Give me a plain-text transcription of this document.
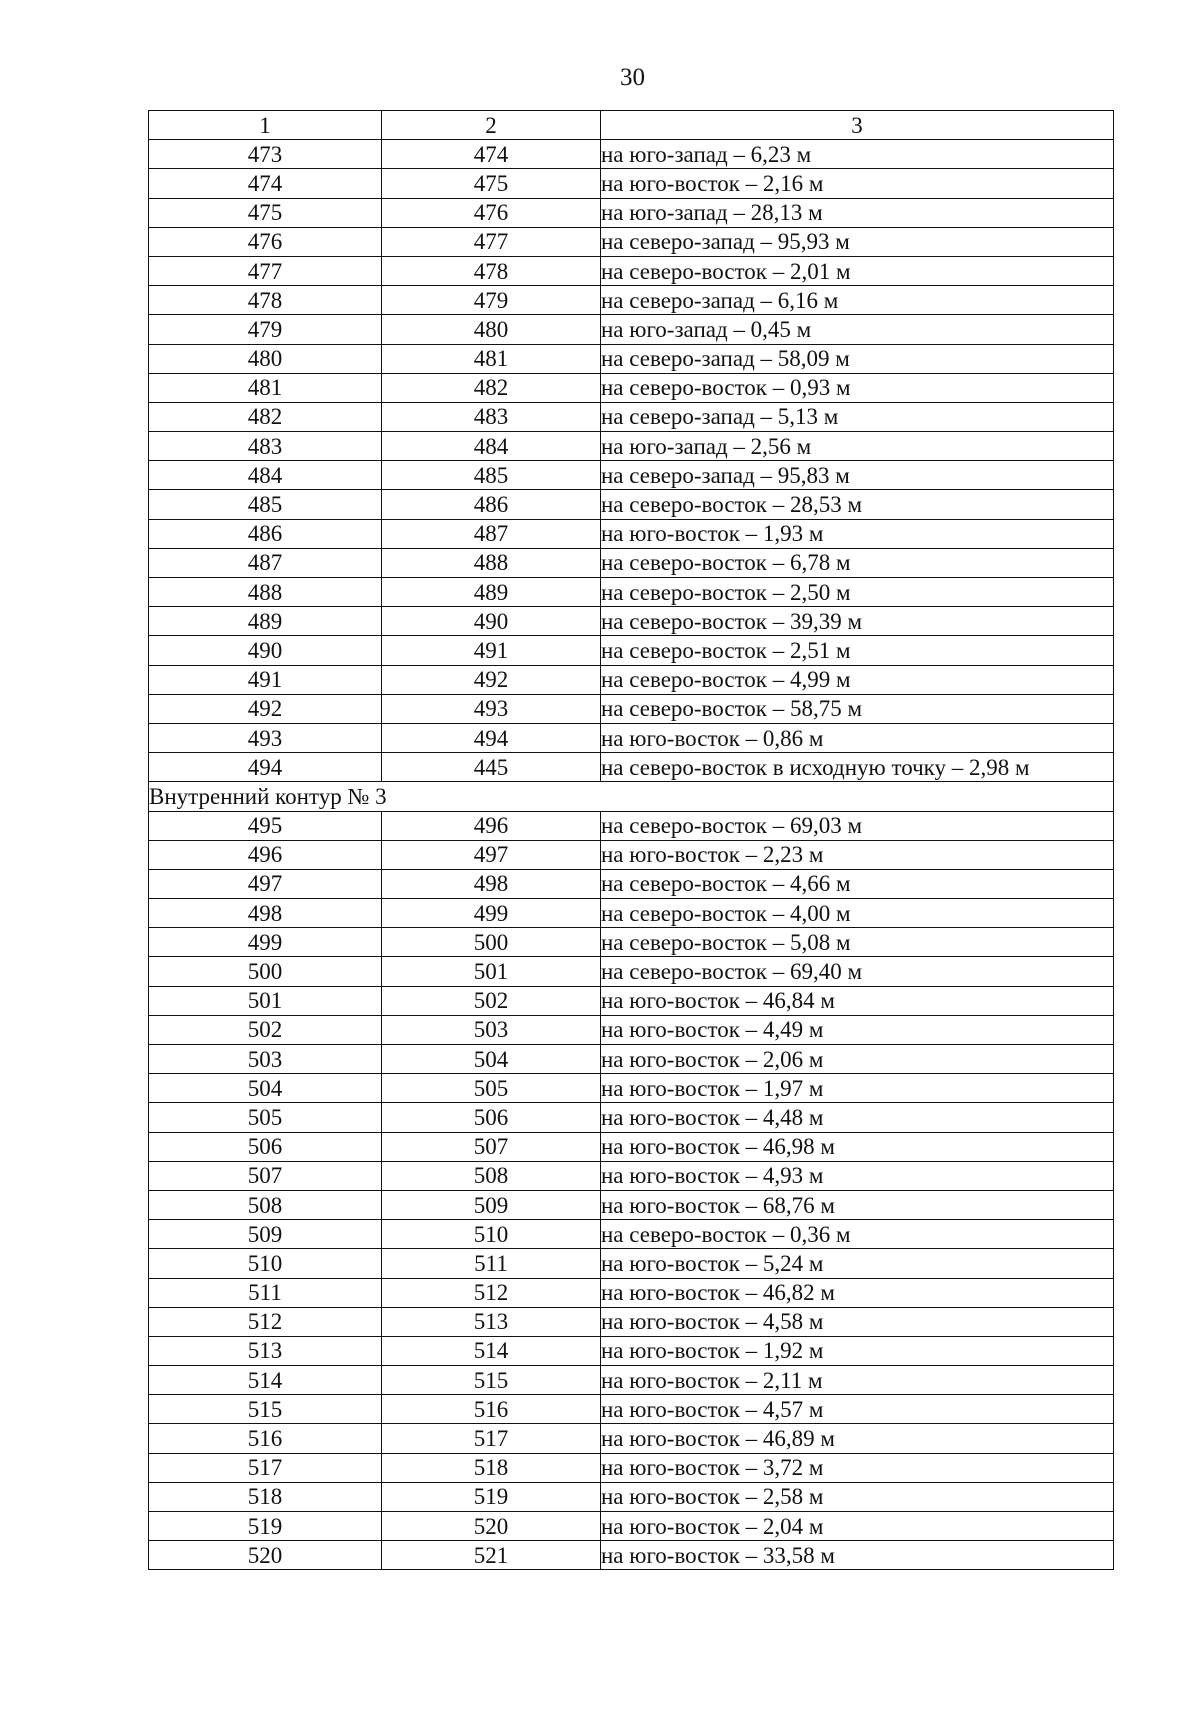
30
1	2	3
473	474	на юго-запад – 6,23 м
474	475	на юго-восток – 2,16 м
475	476	на юго-запад – 28,13 м
476	477	на северо-запад – 95,93 м
477	478	на северо-восток – 2,01 м
478	479	на северо-запад – 6,16 м
479	480	на юго-запад – 0,45 м
480	481	на северо-запад – 58,09 м
481	482	на северо-восток – 0,93 м
482	483	на северо-запад – 5,13 м
483	484	на юго-запад – 2,56 м
484	485	на северо-запад – 95,83 м
485	486	на северо-восток – 28,53 м
486	487	на юго-восток – 1,93 м
487	488	на северо-восток – 6,78 м
488	489	на северо-восток – 2,50 м
489	490	на северо-восток – 39,39 м
490	491	на северо-восток – 2,51 м
491	492	на северо-восток – 4,99 м
492	493	на северо-восток – 58,75 м
493	494	на юго-восток – 0,86 м
494	445	на северо-восток в исходную точку – 2,98 м
Внутренний контур № 3		
495	496	на северо-восток – 69,03 м
496	497	на юго-восток – 2,23 м
497	498	на северо-восток – 4,66 м
498	499	на северо-восток – 4,00 м
499	500	на северо-восток – 5,08 м
500	501	на северо-восток – 69,40 м
501	502	на юго-восток – 46,84 м
502	503	на юго-восток – 4,49 м
503	504	на юго-восток – 2,06 м
504	505	на юго-восток – 1,97 м
505	506	на юго-восток – 4,48 м
506	507	на юго-восток – 46,98 м
507	508	на юго-восток – 4,93 м
508	509	на юго-восток – 68,76 м
509	510	на северо-восток – 0,36 м
510	511	на юго-восток – 5,24 м
511	512	на юго-восток – 46,82 м
512	513	на юго-восток – 4,58 м
513	514	на юго-восток – 1,92 м
514	515	на юго-восток – 2,11 м
515	516	на юго-восток – 4,57 м
516	517	на юго-восток – 46,89 м
517	518	на юго-восток – 3,72 м
518	519	на юго-восток – 2,58 м
519	520	на юго-восток – 2,04 м
520	521	на юго-восток – 33,58 м
